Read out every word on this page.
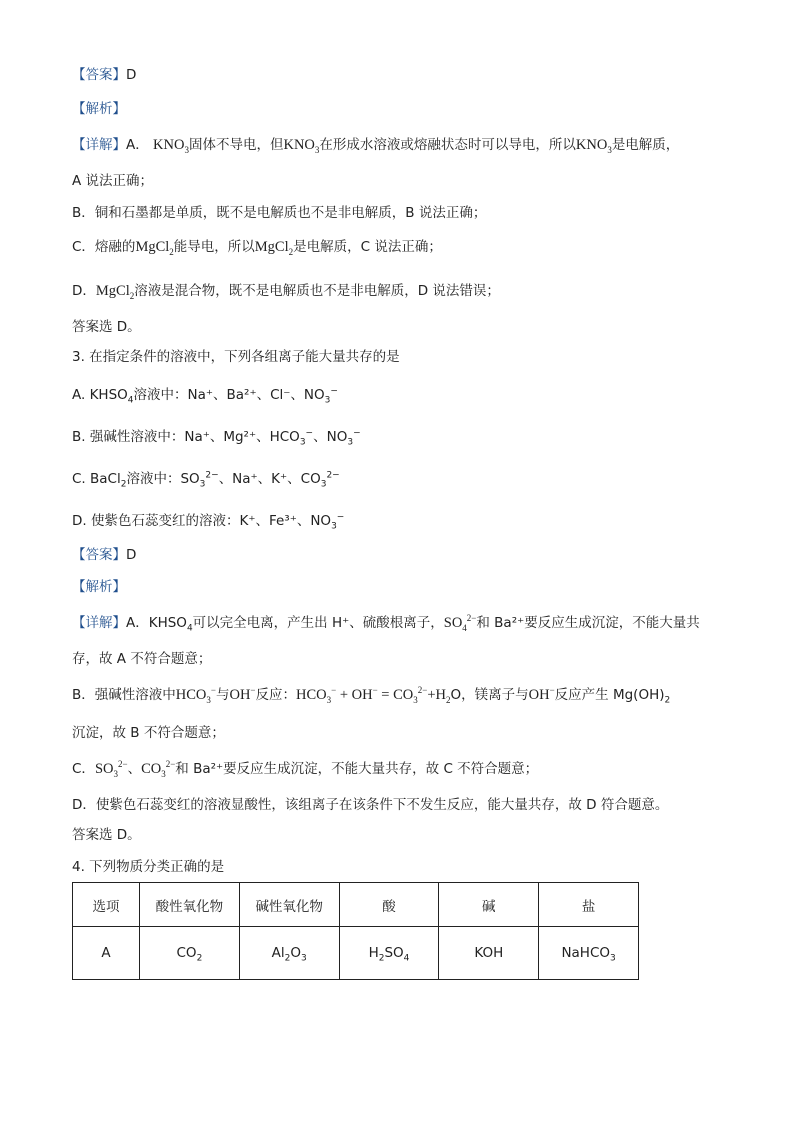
【答案】D
【解析】
【详解】A． $KNO_3$固体不导电，但$KNO_3$在形成水溶液或熔融状态时可以导电，所以$KNO_3$是电解质，
A 说法正确；
B．铜和石墨都是单质，既不是电解质也不是非电解质，B 说法正确；
C．熔融的MgCl$_2$能导电，所以MgCl$_2$是电解质，C 说法正确；
D．MgCl$_2$溶液是混合物，既不是电解质也不是非电解质，D 说法错误；
答案选 D。
3. 在指定条件的溶液中，下列各组离子能大量共存的是
A. $KHSO_4$溶液中：Na⁺、Ba²⁺、Cl⁻、$NO_3^-$
B. 强碱性溶液中：Na⁺、Mg²⁺、$HCO_3^-$、$NO_3^-$
C. BaCl$_2$溶液中：$SO_3^{2-}$、Na⁺、K⁺、$CO_3^{2-}$
D. 使紫色石蕊变红的溶液：K⁺、Fe³⁺、$NO_3^-$
【答案】D
【解析】
【详解】A．$KHSO_4$可以完全电离，产生出 H⁺、硫酸根离子，$SO_4^{2-}$和 Ba²⁺要反应生成沉淀，不能大量共
存，故 A 不符合题意；
B．强碱性溶液中$HCO_3^-$与OH−反应：$HCO_3^- + OH^- = CO_3^{2-}+H_2O$，镁离子与OH−反应产生 $Mg(OH)_2$
沉淀，故 B 不符合题意；
C．$SO_3^{2-}$、$CO_3^{2-}$和 Ba²⁺要反应生成沉淀，不能大量共存，故 C 不符合题意；
D．使紫色石蕊变红的溶液显酸性，该组离子在该条件下不发生反应，能大量共存，故 D 符合题意。
答案选 D。
4. 下列物质分类正确的是
选项	酸性氧化物	碱性氧化物	酸	碱	盐
A	$CO_2$	$Al_2O_3$	$H_2SO_4$	KOH	NaHCO$_3$
